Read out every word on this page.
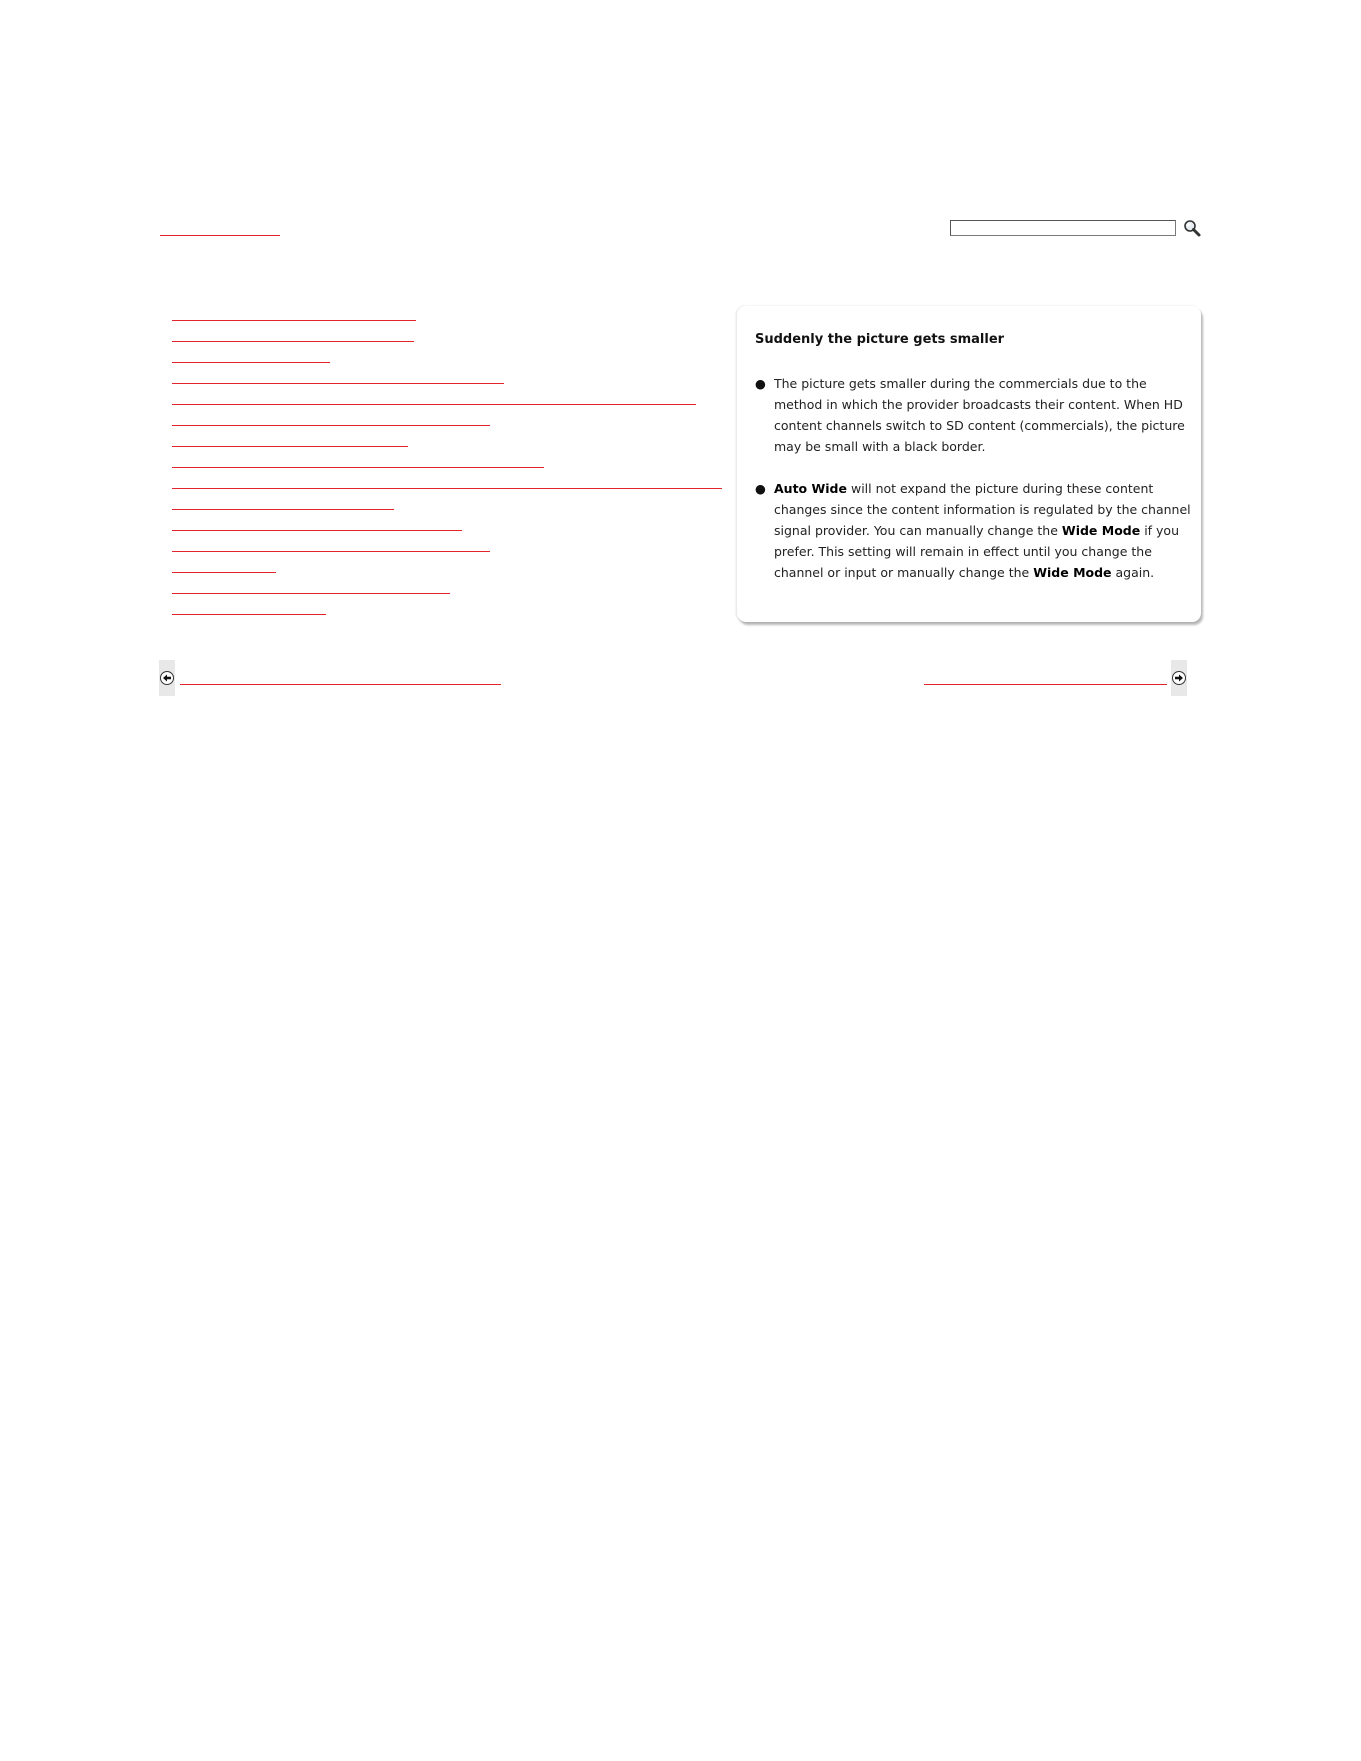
Suddenly the picture gets smaller
● The picture gets smaller during the commercials due to the method in which the provider broadcasts their content. When HD content channels switch to SD content (commercials), the picture may be small with a black border.
● Auto Wide will not expand the picture during these content changes since the content information is regulated by the channel signal provider. You can manually change the Wide Mode if you prefer. This setting will remain in effect until you change the channel or input or manually change the Wide Mode again.
